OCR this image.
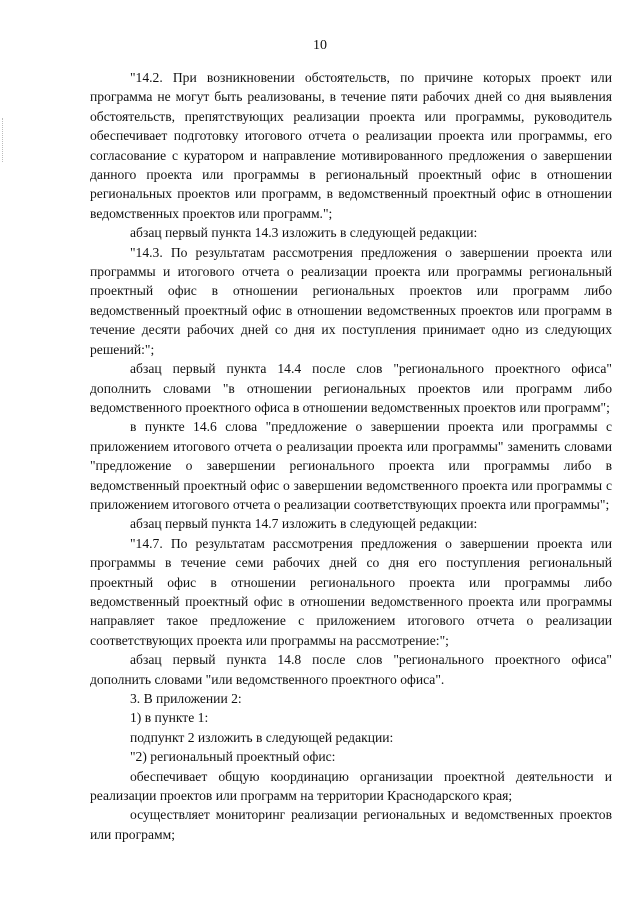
10

"14.2. При возникновении обстоятельств, по причине которых проект или программа не могут быть реализованы, в течение пяти рабочих дней со дня выявления обстоятельств, препятствующих реализации проекта или программы, руководитель обеспечивает подготовку итогового отчета о реализации проекта или программы, его согласование с куратором и направление мотивированного предложения о завершении данного проекта или программы в региональный проектный офис в отношении региональных проектов или программ, в ведомственный проектный офис в отношении ведомственных проектов или программ.";

абзац первый пункта 14.3 изложить в следующей редакции:

"14.3. По результатам рассмотрения предложения о завершении проекта или программы и итогового отчета о реализации проекта или программы региональный проектный офис в отношении региональных проектов или программ либо ведомственный проектный офис в отношении ведомственных проектов или программ в течение десяти рабочих дней со дня их поступления принимает одно из следующих решений:";

абзац первый пункта 14.4 после слов "регионального проектного офиса" дополнить словами "в отношении региональных проектов или программ либо ведомственного проектного офиса в отношении ведомственных проектов или программ";

в пункте 14.6 слова "предложение о завершении проекта или программы с приложением итогового отчета о реализации проекта или программы" заменить словами "предложение о завершении регионального проекта или программы либо в ведомственный проектный офис о завершении ведомственного проекта или программы с приложением итогового отчета о реализации соответствующих проекта или программы";

абзац первый пункта 14.7 изложить в следующей редакции:

"14.7. По результатам рассмотрения предложения о завершении проекта или программы в течение семи рабочих дней со дня его поступления региональный проектный офис в отношении регионального проекта или программы либо ведомственный проектный офис в отношении ведомственного проекта или программы направляет такое предложение с приложением итогового отчета о реализации соответствующих проекта или программы на рассмотрение:";

абзац первый пункта 14.8 после слов "регионального проектного офиса" дополнить словами "или ведомственного проектного офиса".

3. В приложении 2:

1) в пункте 1:

подпункт 2 изложить в следующей редакции:

"2) региональный проектный офис:

обеспечивает общую координацию организации проектной деятельности и реализации проектов или программ на территории Краснодарского края;

осуществляет мониторинг реализации региональных и ведомственных проектов или программ;
